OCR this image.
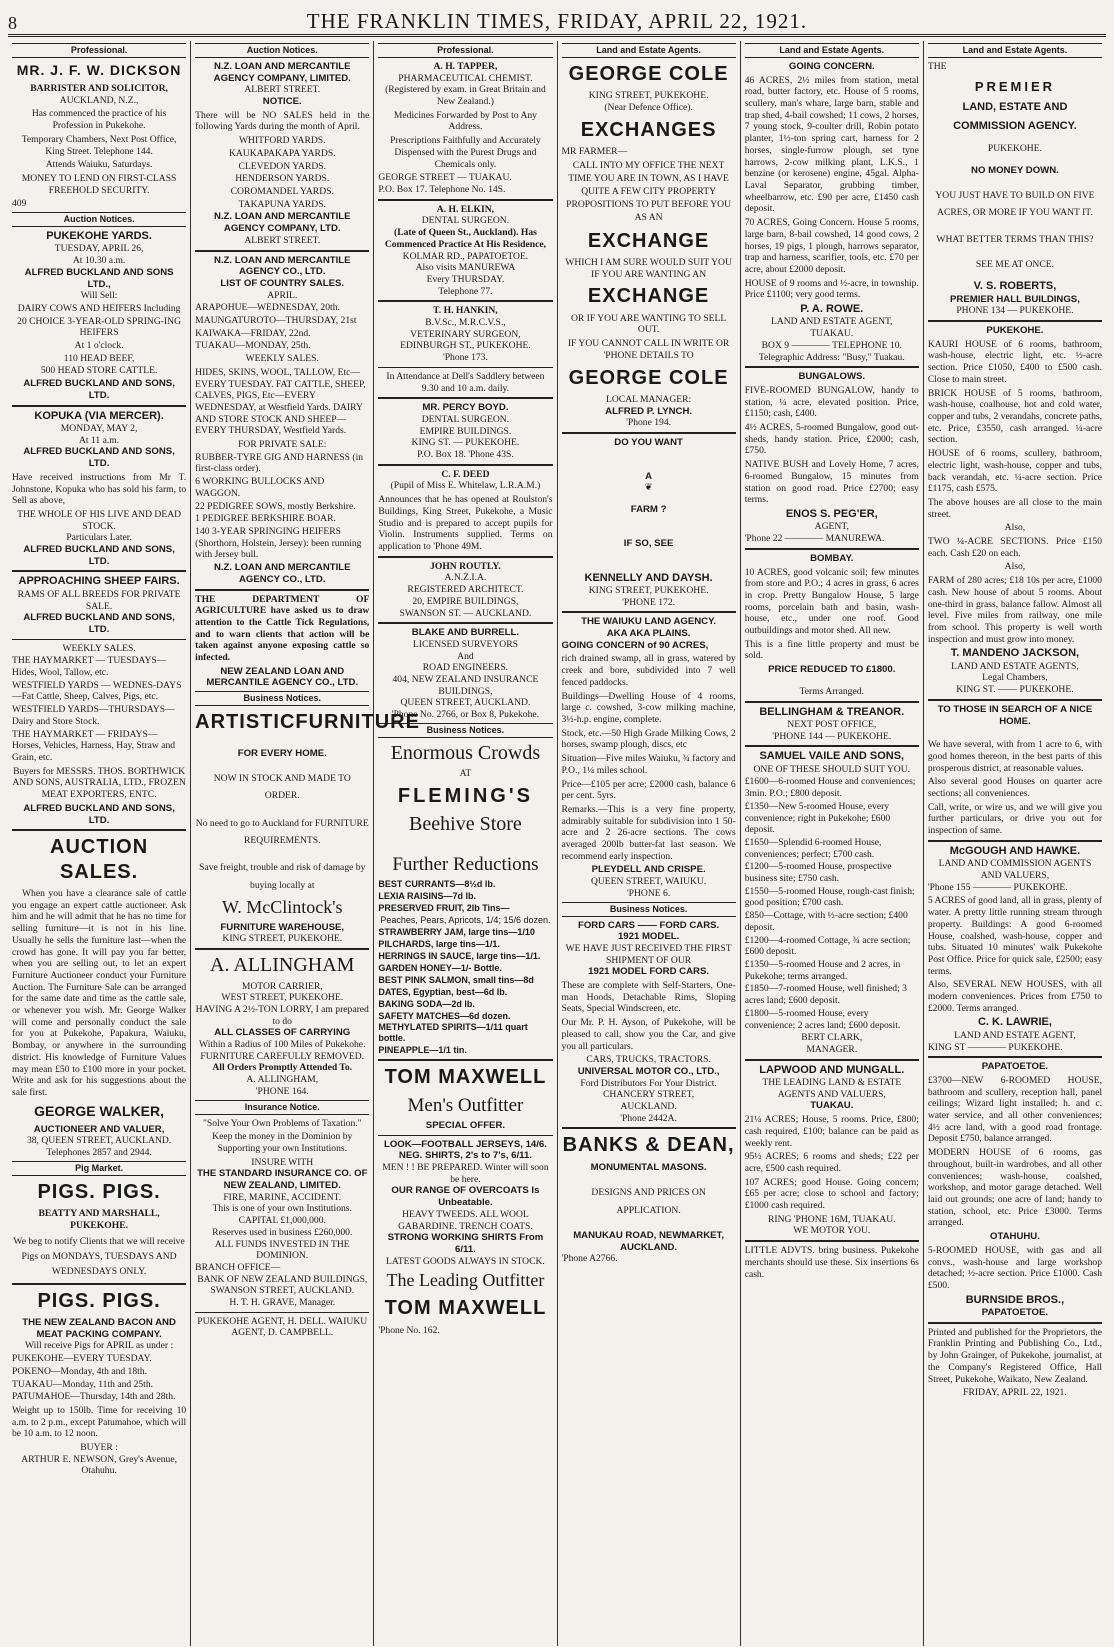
8	THE FRANKLIN TIMES, FRIDAY, APRIL 22, 1921.
Professional.
MR. J. F. W. DICKSON
BARRISTER AND SOLICITOR,
AUCKLAND, N.Z.,

Has commenced the practice of his Profession in Pukekohe.

Temporary Chambers, Next Post Office, King Street. Telephone 144.

Attends Waiuku, Saturdays.

MONEY TO LEND ON FIRST-CLASS FREEHOLD SECURITY.

409
Auction Notices.
PUKEKOHE YARDS.
TUESDAY, APRIL 26,
At 10.30 a.m.
ALFRED BUCKLAND AND SONS LTD.,
Will Sell:
DAIRY COWS AND HEIFERS Including
20 CHOICE 3-YEAR-OLD SPRING-ING HEIFERS
At 1 o'clock.
110 HEAD BEEF,
500 HEAD STORE CATTLE.
ALFRED BUCKLAND AND SONS, LTD.
KOPUKA (VIA MERCER).
MONDAY, MAY 2,
At 11 a.m.
ALFRED BUCKLAND AND SONS, LTD.

Have received instructions from Mr T. Johnstone, Kopuka who has sold his farm, to Sell as above,

THE WHOLE OF HIS LIVE AND DEAD STOCK.
Particulars Later.
ALFRED BUCKLAND AND SONS, LTD.
APPROACHING SHEEP FAIRS.
RAMS OF ALL BREEDS FOR PRIVATE SALE.
ALFRED BUCKLAND AND SONS, LTD.
WEEKLY SALES.
THE HAYMARKET — TUESDAYS—Hides, Wool, Tallow, etc.
WESTFIELD YARDS — WEDNES-DAYS—Fat Cattle, Sheep, Calves, Pigs, etc.
WESTFIELD YARDS—THURSDAYS—Dairy and Store Stock.
THE HAYMARKET — FRIDAYS—Horses, Vehicles, Harness, Hay, Straw and Grain, etc.

Buyers for MESSRS. THOS. BORTHWICK AND SONS, AUSTRALIA, LTD., FROZEN MEAT EXPORTERS, ENTC.

ALFRED BUCKLAND AND SONS, LTD.
AUCTION SALES.

When you have a clearance sale of cattle you engage an expert cattle auctioneer. Ask him and he will admit that he has no time for selling furniture—it is not in his line. Usually he sells the furniture last—when the crowd has gone. It will pay you far better, when you are selling out, to let an expert Furniture Auctioneer conduct your Furniture Auction. The Furniture Sale can be arranged for the same date and time as the cattle sale, or whenever you wish. Mr. George Walker will come and personally conduct the sale for you at Pukekohe, Papakura, Waiuku, Bombay, or anywhere in the surrounding district. His knowledge of Furniture Values may mean £50 to £100 more in your pocket. Write and ask for his suggestions about the sale first.

GEORGE WALKER,
AUCTIONEER AND VALUER,
38, QUEEN STREET, AUCKLAND.
Telephones 2857 and 2944.
Pig Market.
PIGS. PIGS.
BEATTY AND MARSHALL, PUKEKOHE.

We beg to notify Clients that we will receive Pigs on MONDAYS, TUESDAYS AND WEDNESDAYS ONLY.

PIGS. PIGS.
THE NEW ZEALAND BACON AND MEAT PACKING COMPANY.
Will receive Pigs for APRIL as under :
PUKEKOHE—EVERY TUESDAY.
POKENO—Monday, 4th and 18th.
TUAKAU—Monday, 11th and 25th.
PATUMAHOE—Thursday, 14th and 28th.

Weight up to 150lb. Time for receiving 10 a.m. to 2 p.m., except Patumahoe, which will be 10 a.m. to 12 noon.

BUYER :
ARTHUR E. NEWSON, Grey's Avenue, Otahuhu.
Auction Notices.
N.Z. LOAN AND MERCANTILE AGENCY COMPANY, LIMITED.
ALBERT STREET.
NOTICE.

There will be NO SALES held in the following Yards during the month of April.

WHITFORD YARDS.
KAUKAPAKAPA YARDS.
CLEVEDON YARDS.
HENDERSON YARDS.
COROMANDEL YARDS.
TAKAPUNA YARDS.
N.Z. LOAN AND MERCANTILE AGENCY COMPANY, LTD.
ALBERT STREET.
N.Z. LOAN AND MERCANTILE AGENCY CO., LTD.
LIST OF COUNTRY SALES.
APRIL.
ARAPOHUE—WEDNESDAY, 20th.
MAUNGATUROTO—THURSDAY, 21st
KAIWAKA—FRIDAY, 22nd.
TUAKAU—MONDAY, 25th.
WEEKLY SALES.

HIDES, SKINS, WOOL, TALLOW, Etc—EVERY TUESDAY. FAT CATTLE, SHEEP, CALVES, PIGS, Etc—EVERY WEDNESDAY, at Westfield Yards. DAIRY AND STORE STOCK AND SHEEP—EVERY THURSDAY, Westfield Yards.

FOR PRIVATE SALE:
RUBBER-TYRE GIG AND HARNESS (in first-class order).
6 WORKING BULLOCKS AND WAGGON.
22 PEDIGREE SOWS, mostly Berkshire.
1 PEDIGREE BERKSHIRE BOAR.
140 3-YEAR SPRINGING HEIFERS (Shorthorn, Holstein, Jersey): been running with Jersey bull.
N.Z. LOAN AND MERCANTILE AGENCY CO., LTD.

THE DEPARTMENT OF AGRICULTURE have asked us to draw attention to the Cattle Tick Regulations, and to warn clients that action will be taken against anyone exposing cattle so infected.

NEW ZEALAND LOAN AND MERCANTILE AGENCY CO., LTD.
Business Notices.
ARTISTICFURNITURE
FOR EVERY HOME.
NOW IN STOCK AND MADE TO ORDER.
No need to go to Auckland for FURNITURE REQUIREMENTS.
Save freight, trouble and risk of damage by buying locally at
W. McClintock's
FURNITURE WAREHOUSE,
KING STREET, PUKEKOHE.
A. ALLINGHAM
MOTOR CARRIER,
WEST STREET, PUKEKOHE.
HAVING A 2½-TON LORRY, I am prepared to do
ALL CLASSES OF CARRYING
Within a Radius of 100 Miles of Pukekohe.
FURNITURE CAREFULLY REMOVED.
All Orders Promptly Attended To.
A. ALLINGHAM,
'PHONE 164.
Insurance Notice.
"Solve Your Own Problems of Taxation."

Keep the money in the Dominion by Supporting your own Institutions.

INSURE WITH
THE STANDARD INSURANCE CO. OF NEW ZEALAND, LIMITED.
FIRE, MARINE, ACCIDENT.
This is one of your own Institutions.
CAPITAL £1,000,000.
Reserves used in business £260,000.
ALL FUNDS INVESTED IN THE DOMINION.
BRANCH OFFICE—
BANK OF NEW ZEALAND BUILDINGS,
SWANSON STREET, AUCKLAND.
H. T. H. GRAVE, Manager.
PUKEKOHE AGENT, H. DELL. WAIUKU AGENT, D. CAMPBELL.
Professional.
A. H. TAPPER,
PHARMACEUTICAL CHEMIST.
(Registered by exam. in Great Britain and New Zealand.)

Medicines Forwarded by Post to Any Address.

Prescriptions Faithfully and Accurately Dispensed with the Purest Drugs and Chemicals only.

GEORGE STREET — TUAKAU.
P.O. Box 17. Telephone No. 14S.
A. H. ELKIN,
DENTAL SURGEON.
(Late of Queen St., Auckland). Has Commenced Practice At His Residence,
KOLMAR RD., PAPATOETOE.
Also visits MANUREWA
Every THURSDAY.
Telephone 77.
T. H. HANKIN,
B.V.Sc., M.R.C.V.S.,
VETERINARY SURGEON,
EDINBURGH ST., PUKEKOHE.
'Phone 173.
In Attendance at Dell's Saddlery between 9.30 and 10 a.m. daily.
MR. PERCY BOYD.
DENTAL SURGEON.
EMPIRE BUILDINGS.
KING ST. — PUKEKOHE.
P.O. Box 18. 'Phone 43S.
C. F. DEED
(Pupil of Miss E. Whitelaw, L.R.A.M.)

Announces that he has opened at Roulston's Buildings, King Street, Pukekohe, a Music Studio and is prepared to accept pupils for Violin. Instruments supplied. Terms on application to 'Phone 49M.

JOHN ROUTLY.
A.N.Z.I.A.
REGISTERED ARCHITECT.
20, EMPIRE BUILDINGS,
SWANSON ST. — AUCKLAND.
BLAKE AND BURRELL.
LICENSED SURVEYORS
And
ROAD ENGINEERS.
404, NEW ZEALAND INSURANCE BUILDINGS,
QUEEN STREET, AUCKLAND.
'Phone No. 2766, or Box 8, Pukekohe.
Business Notices.
Enormous Crowds
AT
FLEMING'S
Beehive Store
Further Reductions
BEST CURRANTS—8½d lb.
LEXIA RAISINS—7d lb.
PRESERVED FRUIT, 2lb Tins—
Peaches, Pears, Apricots, 1/4; 15/6 dozen.
STRAWBERRY JAM, large tins—1/10
PILCHARDS, large tins—1/1.
HERRINGS IN SAUCE, large tins—1/1.
GARDEN HONEY—1/- Bottle.
BEST PINK SALMON, small tins—8d
DATES, Egyptian, best—6d lb.
BAKING SODA—2d lb.
SAFETY MATCHES—6d dozen.
METHYLATED SPIRITS—1/11 quart bottle.
PINEAPPLE—1/1 tin.
TOM MAXWELL
Men's Outfitter
SPECIAL OFFER.
LOOK—FOOTBALL JERSEYS, 14/6.
NEG. SHIRTS, 2's to 7's, 6/11.
MEN ! ! BE PREPARED. Winter will soon be here.
OUR RANGE OF OVERCOATS Is Unbeatable.
HEAVY TWEEDS. ALL WOOL GABARDINE. TRENCH COATS.
STRONG WORKING SHIRTS From 6/11.
LATEST GOODS ALWAYS IN STOCK.
The Leading Outfitter
TOM MAXWELL
'Phone No. 162.
Land and Estate Agents.
GEORGE COLE
KING STREET, PUKEKOHE.
(Near Defence Office).
EXCHANGES
MR FARMER—

CALL INTO MY OFFICE THE NEXT TIME YOU ARE IN TOWN, AS I HAVE QUITE A FEW CITY PROPERTY PROPOSITIONS TO PUT BEFORE YOU AS AN

EXCHANGE

WHICH I AM SURE WOULD SUIT YOU IF YOU ARE WANTING AN

EXCHANGE

OR IF YOU ARE WANTING TO SELL OUT.

IF YOU CANNOT CALL IN WRITE OR 'PHONE DETAILS TO

GEORGE COLE
LOCAL MANAGER:
ALFRED P. LYNCH.
'Phone 194.
DO YOU WANT
A
❦
FARM ?
IF SO, SEE
KENNELLY AND DAYSH.
KING STREET, PUKEKOHE.
'PHONE 172.
THE WAIUKU LAND AGENCY.
AKA AKA PLAINS.
GOING CONCERN of 90 ACRES,

rich drained swamp, all in grass, watered by creek and bore, subdivided into 7 well fenced paddocks.

Buildings—Dwelling House of 4 rooms, large c. cowshed, 3-cow milking machine, 3½-h.p. engine, complete.

Stock, etc.—50 High Grade Milking Cows, 2 horses, swamp plough, discs, etc

Situation—Five miles Waiuku, ¾ factory and P.O., 1¼ miles school.

Price—£105 per acre; £2000 cash, balance 6 per cent. 5yrs.

Remarks.—This is a very fine property, admirably suitable for subdivision into 1 50-acre and 2 26-acre sections. The cows averaged 200lb butter-fat last season. We recommend early inspection.

PLEYDELL AND CRISPE.
QUEEN STREET, WAIUKU.
'PHONE 6.
Business Notices.
FORD CARS —— FORD CARS.
1921 MODEL.
WE HAVE JUST RECEIVED THE FIRST SHIPMENT OF OUR
1921 MODEL FORD CARS.

These are complete with Self-Starters, One-man Hoods, Detachable Rims, Sloping Seats, Special Windscreen, etc.

Our Mr. P. H. Ayson, of Pukekohe, will be pleased to call, show you the Car, and give you all particulars.

CARS, TRUCKS, TRACTORS.
UNIVERSAL MOTOR CO., LTD.,
Ford Distributors For Your District.
CHANCERY STREET,
AUCKLAND.
'Phone 2442A.
BANKS & DEAN,
MONUMENTAL MASONS.
DESIGNS AND PRICES ON APPLICATION.
MANUKAU ROAD, NEWMARKET, AUCKLAND.
'Phone A2766.
Land and Estate Agents.
GOING CONCERN.

46 ACRES, 2½ miles from station, metal road, butter factory, etc. House of 5 rooms, scullery, man's whare, large barn, stable and trap shed, 4-bail cowshed; 11 cows, 2 horses, 7 young stock, 9-coulter drill, Robin potato planter, 1½-ton spring cart, harness for 2 horses, single-furrow plough, set tyne harrows, 2-cow milking plant, L.K.S., 1 benzine (or kerosene) engine, 45gal. Alpha-Laval Separator, grubbing timber, wheelbarrow, etc. £90 per acre, £1450 cash deposit.

70 ACRES, Going Concern. House 5 rooms, large barn, 8-bail cowshed, 14 good cows, 2 horses, 19 pigs, 1 plough, harrows separator, trap and harness, scarifier, tools, etc. £70 per acre, about £2000 deposit.

HOUSE of 9 rooms and ½-acre, in township. Price £1100; very good terms.

P. A. ROWE.
LAND AND ESTATE AGENT,
TUAKAU.
BOX 9 ———— TELEPHONE 10.
Telegraphic Address: "Busy," Tuakau.
BUNGALOWS.

FIVE-ROOMED BUNGALOW, handy to station, ¼ acre, elevated position. Price, £1150; cash, £400.

4½ ACRES, 5-roomed Bungalow, good out-sheds, handy station. Price, £2000; cash, £750.

NATIVE BUSH and Lovely Home, 7 acres, 6-roomed Bungalow, 15 minutes from station on good road. Price £2700; easy terms.

ENOS S. PEG'ER,
AGENT,
'Phone 22 ———— MANUREWA.
BOMBAY.

10 ACRES, good volcanic soil; few minutes from store and P.O.; 4 acres in grass, 6 acres in crop. Pretty Bungalow House, 5 large rooms, porcelain bath and basin, wash-house, etc., under one roof. Good outbuildings and motor shed. All new.

This is a fine little property and must be sold.

PRICE REDUCED TO £1800.
Terms Arranged.
BELLINGHAM & TREANOR.
NEXT POST OFFICE,
'PHONE 144 — PUKEKOHE.
SAMUEL VAILE AND SONS,
ONE OF THESE SHOULD SUIT YOU.
£1600—6-roomed House and conveniences; 3min. P.O.; £800 deposit.
£1350—New 5-roomed House, every convenience; right in Pukekohe; £600 deposit.
£1650—Splendid 6-roomed House, conveniences; perfect; £700 cash.
£1200—5-roomed House, prospective business site; £750 cash.
£1550—5-roomed House, rough-cast finish; good position; £700 cash.
£850—Cottage, with ½-acre section; £400 deposit.
£1200—4-roomed Cottage, ¾ acre section; £600 deposit.
£1350—5-roomed House and 2 acres, in Pukekohe; terms arranged.
£1850—7-roomed House, well finished; 3 acres land; £600 deposit.
£1800—5-roomed House, every convenience; 2 acres land; £600 deposit.
BERT CLARK,
MANAGER.
LAPWOOD AND MUNGALL.
THE LEADING LAND & ESTATE AGENTS AND VALUERS,
TUAKAU.

21¼ ACRES; House, 5 rooms. Price, £800; cash required, £100; balance can be paid as weekly rent.

95½ ACRES; 6 rooms and sheds; £22 per acre, £500 cash required.

107 ACRES; good House. Going concern; £65 per acre; close to school and factory; £1000 cash required.

RING 'PHONE 16M, TUAKAU.
WE MOTOR YOU.

LITTLE ADVTS. bring business. Pukekohe merchants should use these. Six insertions 6s cash.

Land and Estate Agents.
THE
PREMIER
LAND, ESTATE AND
COMMISSION AGENCY.
PUKEKOHE.
NO MONEY DOWN.
YOU JUST HAVE TO BUILD ON FIVE ACRES, OR MORE IF YOU WANT IT.
WHAT BETTER TERMS THAN THIS?
SEE ME AT ONCE.
V. S. ROBERTS,
PREMIER HALL BUILDINGS,
PHONE 134 — PUKEKOHE.
PUKEKOHE.

KAURI HOUSE of 6 rooms, bathroom, wash-house, electric light, etc. ½-acre section. Price £1050, £400 to £500 cash. Close to main street.

BRICK HOUSE of 5 rooms, bathroom, wash-house, coalhouse, hot and cold water, copper and tubs, 2 verandahs, concrete paths, etc. Price, £3550, cash arranged. ¼-acre section.

HOUSE of 6 rooms, scullery, bathroom, electric light, wash-house, copper and tubs, back verandah, etc. ¼-acre section. Price £1175, cash £575.

The above houses are all close to the main street.

Also,

TWO ¼-ACRE SECTIONS. Price £150 each. Cash £20 on each.

Also,

FARM of 280 acres; £18 10s per acre, £1000 cash. New house of about 5 rooms. About one-third in grass, balance fallow. Almost all level. Five miles from railway, one mile from school. This property is well worth inspection and must grow into money.

T. MANDENO JACKSON,
LAND AND ESTATE AGENTS,
Legal Chambers,
KING ST. —— PUKEKOHE.
TO THOSE IN SEARCH OF A NICE HOME.

We have several, with from 1 acre to 6, with good homes thereon, in the best parts of this prosperous district, at reasonable values.

Also several good Houses on quarter acre sections; all conveniences.

Call, write, or wire us, and we will give you further particulars, or drive you out for inspection of same.

McGOUGH AND HAWKE.
LAND AND COMMISSION AGENTS AND VALUERS,
'Phone 155 ———— PUKEKOHE.

5 ACRES of good land, all in grass, plenty of water. A pretty little running stream through property. Buildings: A good 6-roomed House, coalshed, wash-house, copper and tubs. Situated 10 minutes' walk Pukekohe Post Office. Price for quick sale, £2500; easy terms.

Also, SEVERAL NEW HOUSES, with all modern conveniences. Prices from £750 to £2000. Terms arranged.

C. K. LAWRIE,
LAND AND ESTATE AGENT,
KING ST ———— PUKEKOHE.
PAPATOETOE.

£3700—NEW 6-ROOMED HOUSE, bathroom and scullery, reception hall, panel ceilings; Wizard light installed; h. and c. water service, and all other conveniences; 4½ acre land, with a good road frontage. Deposit £750, balance arranged.

MODERN HOUSE of 6 rooms, gas throughout, built-in wardrobes, and all other conveniences; wash-house, coalshed, workshop, and motor garage detached. Well laid out grounds; one acre of land; handy to station, school, etc. Price £3000. Terms arranged.

OTAHUHU.

5-ROOMED HOUSE, with gas and all convs., wash-house and large workshop detached; ½-acre section. Price £1000. Cash £500.

BURNSIDE BROS.,
PAPATOETOE.

Printed and published for the Proprietors, the Franklin Printing and Publishing Co., Ltd., by John Grainger, of Pukekohe, journalist, at the Company's Registered Office, Hall Street, Pukekohe, Waikato, New Zealand.

FRIDAY, APRIL 22, 1921.
